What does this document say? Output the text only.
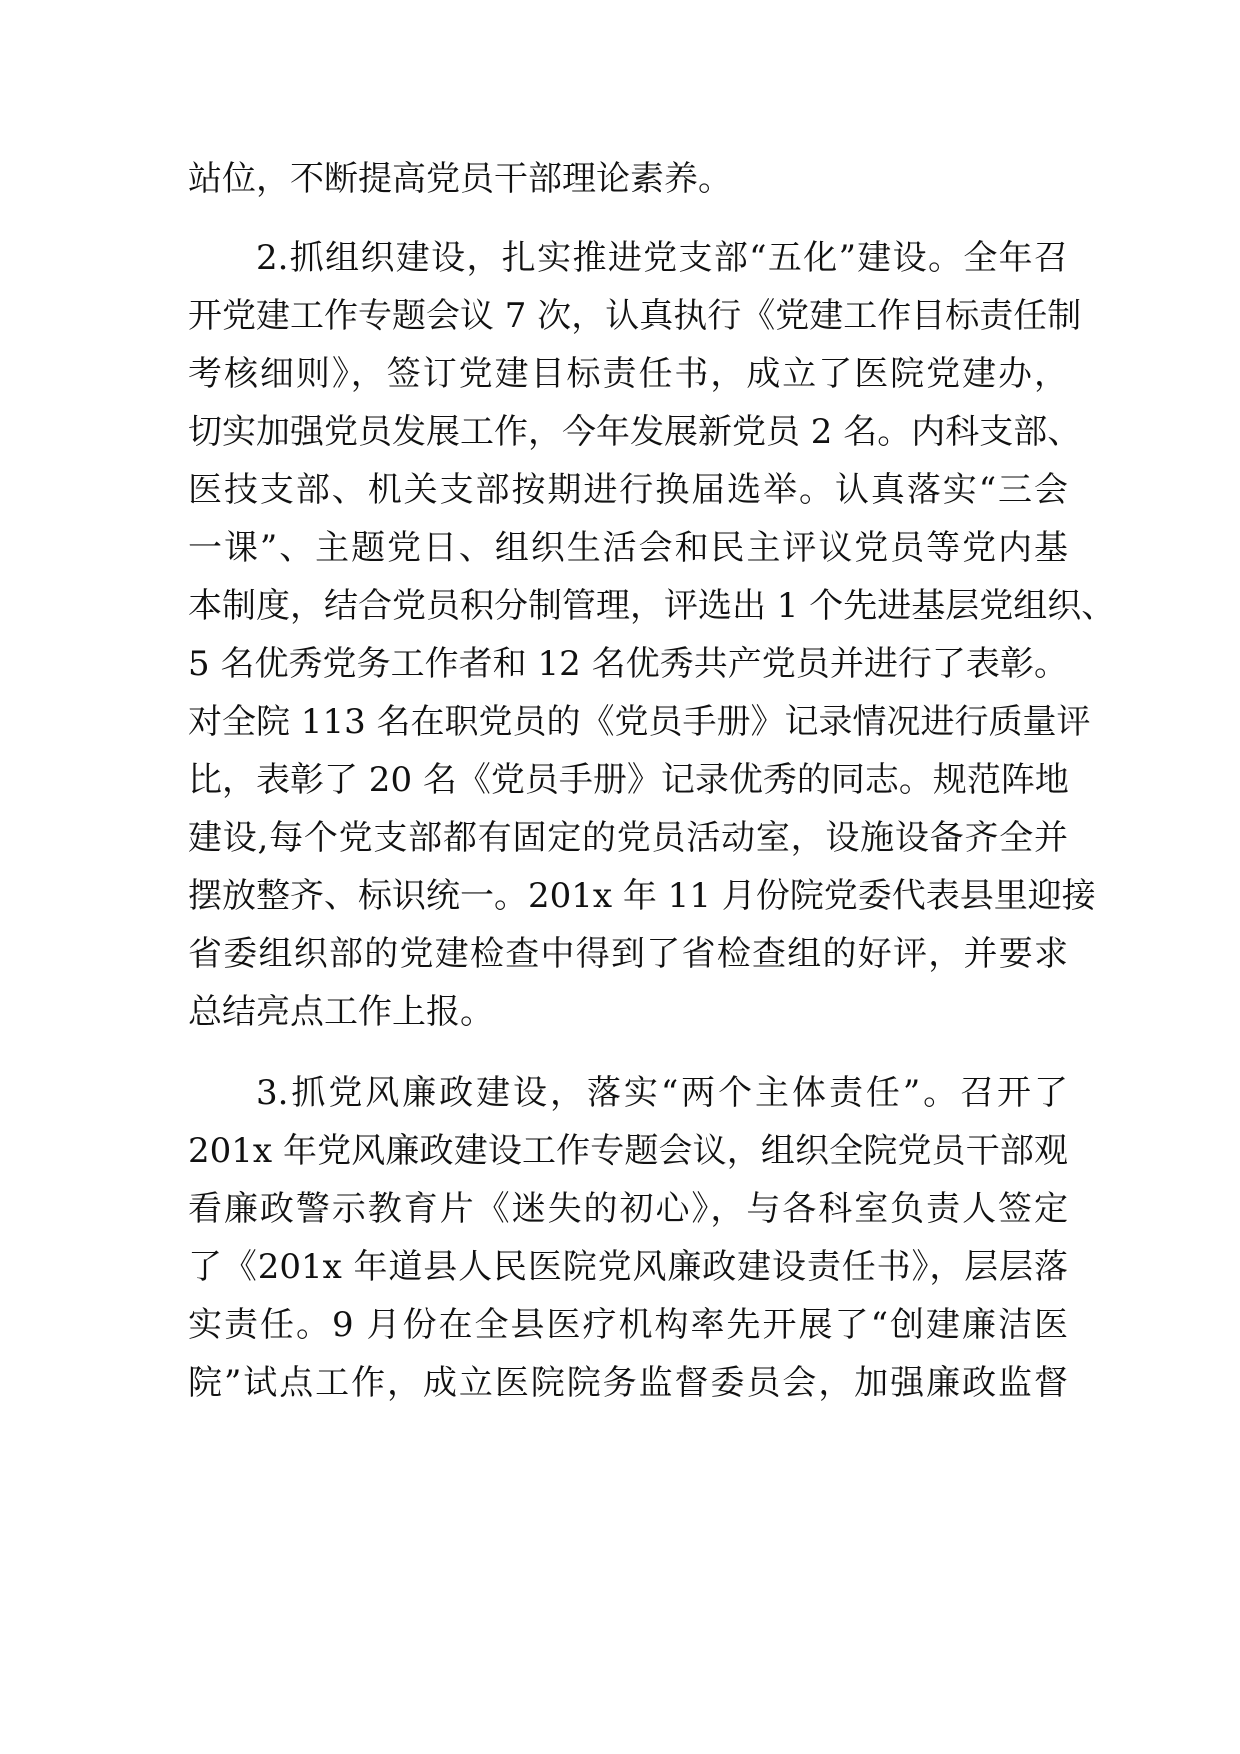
站位，不断提高党员干部理论素养。
2.抓组织建设，扎实推进党支部“五化”建设。全年召
开党建工作专题会议 7 次，认真执行《党建工作目标责任制
考核细则》，签订党建目标责任书，成立了医院党建办，
切实加强党员发展工作，今年发展新党员 2 名。内科支部、
医技支部、机关支部按期进行换届选举。认真落实“三会
一课”、主题党日、组织生活会和民主评议党员等党内基
本制度，结合党员积分制管理，评选出 1 个先进基层党组织、
5 名优秀党务工作者和 12 名优秀共产党员并进行了表彰。
对全院 113 名在职党员的《党员手册》记录情况进行质量评
比，表彰了 20 名《党员手册》记录优秀的同志。规范阵地
建设,每个党支部都有固定的党员活动室，设施设备齐全并
摆放整齐、标识统一。201x 年 11 月份院党委代表县里迎接
省委组织部的党建检查中得到了省检查组的好评，并要求
总结亮点工作上报。
3.抓党风廉政建设，落实“两个主体责任”。召开了
201x 年党风廉政建设工作专题会议，组织全院党员干部观
看廉政警示教育片《迷失的初心》，与各科室负责人签定
了《201x 年道县人民医院党风廉政建设责任书》，层层落
实责任。9 月份在全县医疗机构率先开展了“创建廉洁医
院”试点工作，成立医院院务监督委员会，加强廉政监督
